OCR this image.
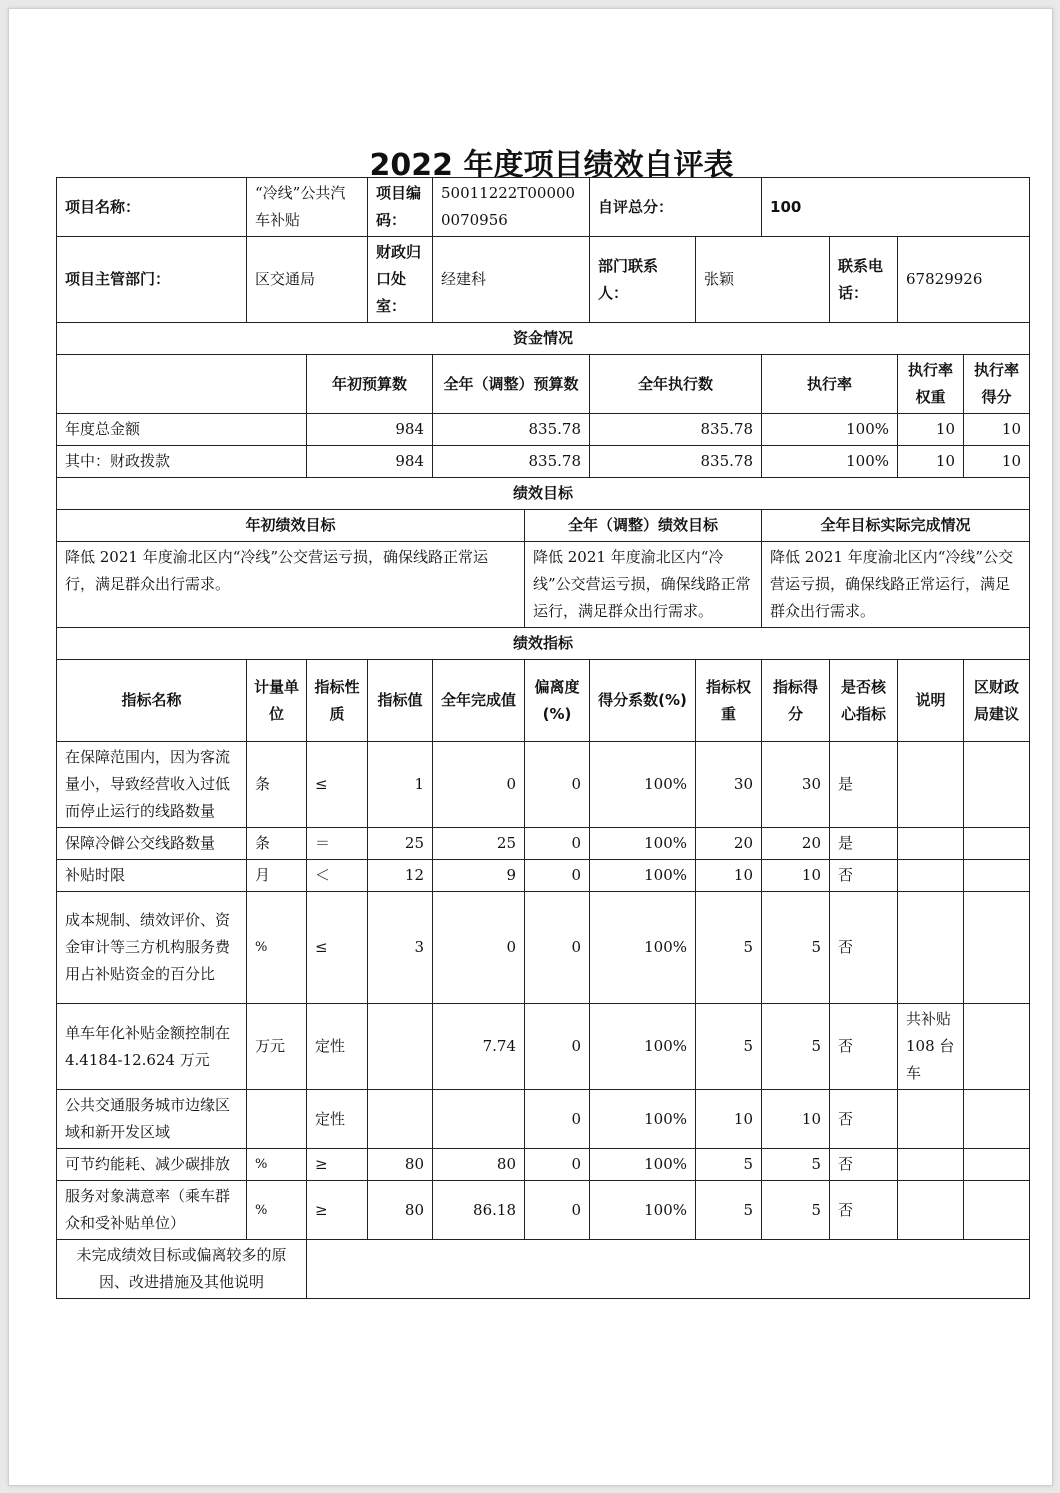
2022 年度项目绩效自评表
项目名称：	“冷线”公共汽车补贴		项目编码：	50011222T000000070956		自评总分：		100			
项目主管部门：	区交通局		财政归口处室：	经建科		部门联系人：	张颖		联系电话：	67829926	
资金情况											
		年初预算数		全年（调整）预算数		全年执行数		执行率		执行率权重	执行率得分
年度总金额		984		835.78		835.78		100%		10	10
其中：财政拨款		984		835.78		835.78		100%		10	10
绩效目标											
年初绩效目标					全年（调整）绩效目标			全年目标实际完成情况			
降低 2021 年度渝北区内“冷线”公交营运亏损，确保线路正常运行，满足群众出行需求。					降低 2021 年度渝北区内“冷线”公交营运亏损，确保线路正常运行，满足群众出行需求。			降低 2021 年度渝北区内“冷线”公交营运亏损，确保线路正常运行，满足群众出行需求。			
绩效指标											
指标名称	计量单位	指标性质	指标值	全年完成值	偏离度(%)	得分系数(%)	指标权重	指标得分	是否核心指标	说明	区财政局建议
在保障范围内，因为客流量小，导致经营收入过低而停止运行的线路数量	条	≤	1	0	0	100%	30	30	是		
保障冷僻公交线路数量	条	＝	25	25	0	100%	20	20	是		
补贴时限	月	＜	12	9	0	100%	10	10	否		
成本规制、绩效评价、资金审计等三方机构服务费用占补贴资金的百分比	%	≤	3	0	0	100%	5	5	否		
单车年化补贴金额控制在 4.4184-12.624 万元	万元	定性		7.74	0	100%	5	5	否	共补贴108 台车	
公共交通服务城市边缘区域和新开发区域		定性			0	100%	10	10	否		
可节约能耗、减少碳排放	%	≥	80	80	0	100%	5	5	否		
服务对象满意率（乘车群众和受补贴单位）	%	≥	80	86.18	0	100%	5	5	否		
未完成绩效目标或偏离较多的原因、改进措施及其他说明											
